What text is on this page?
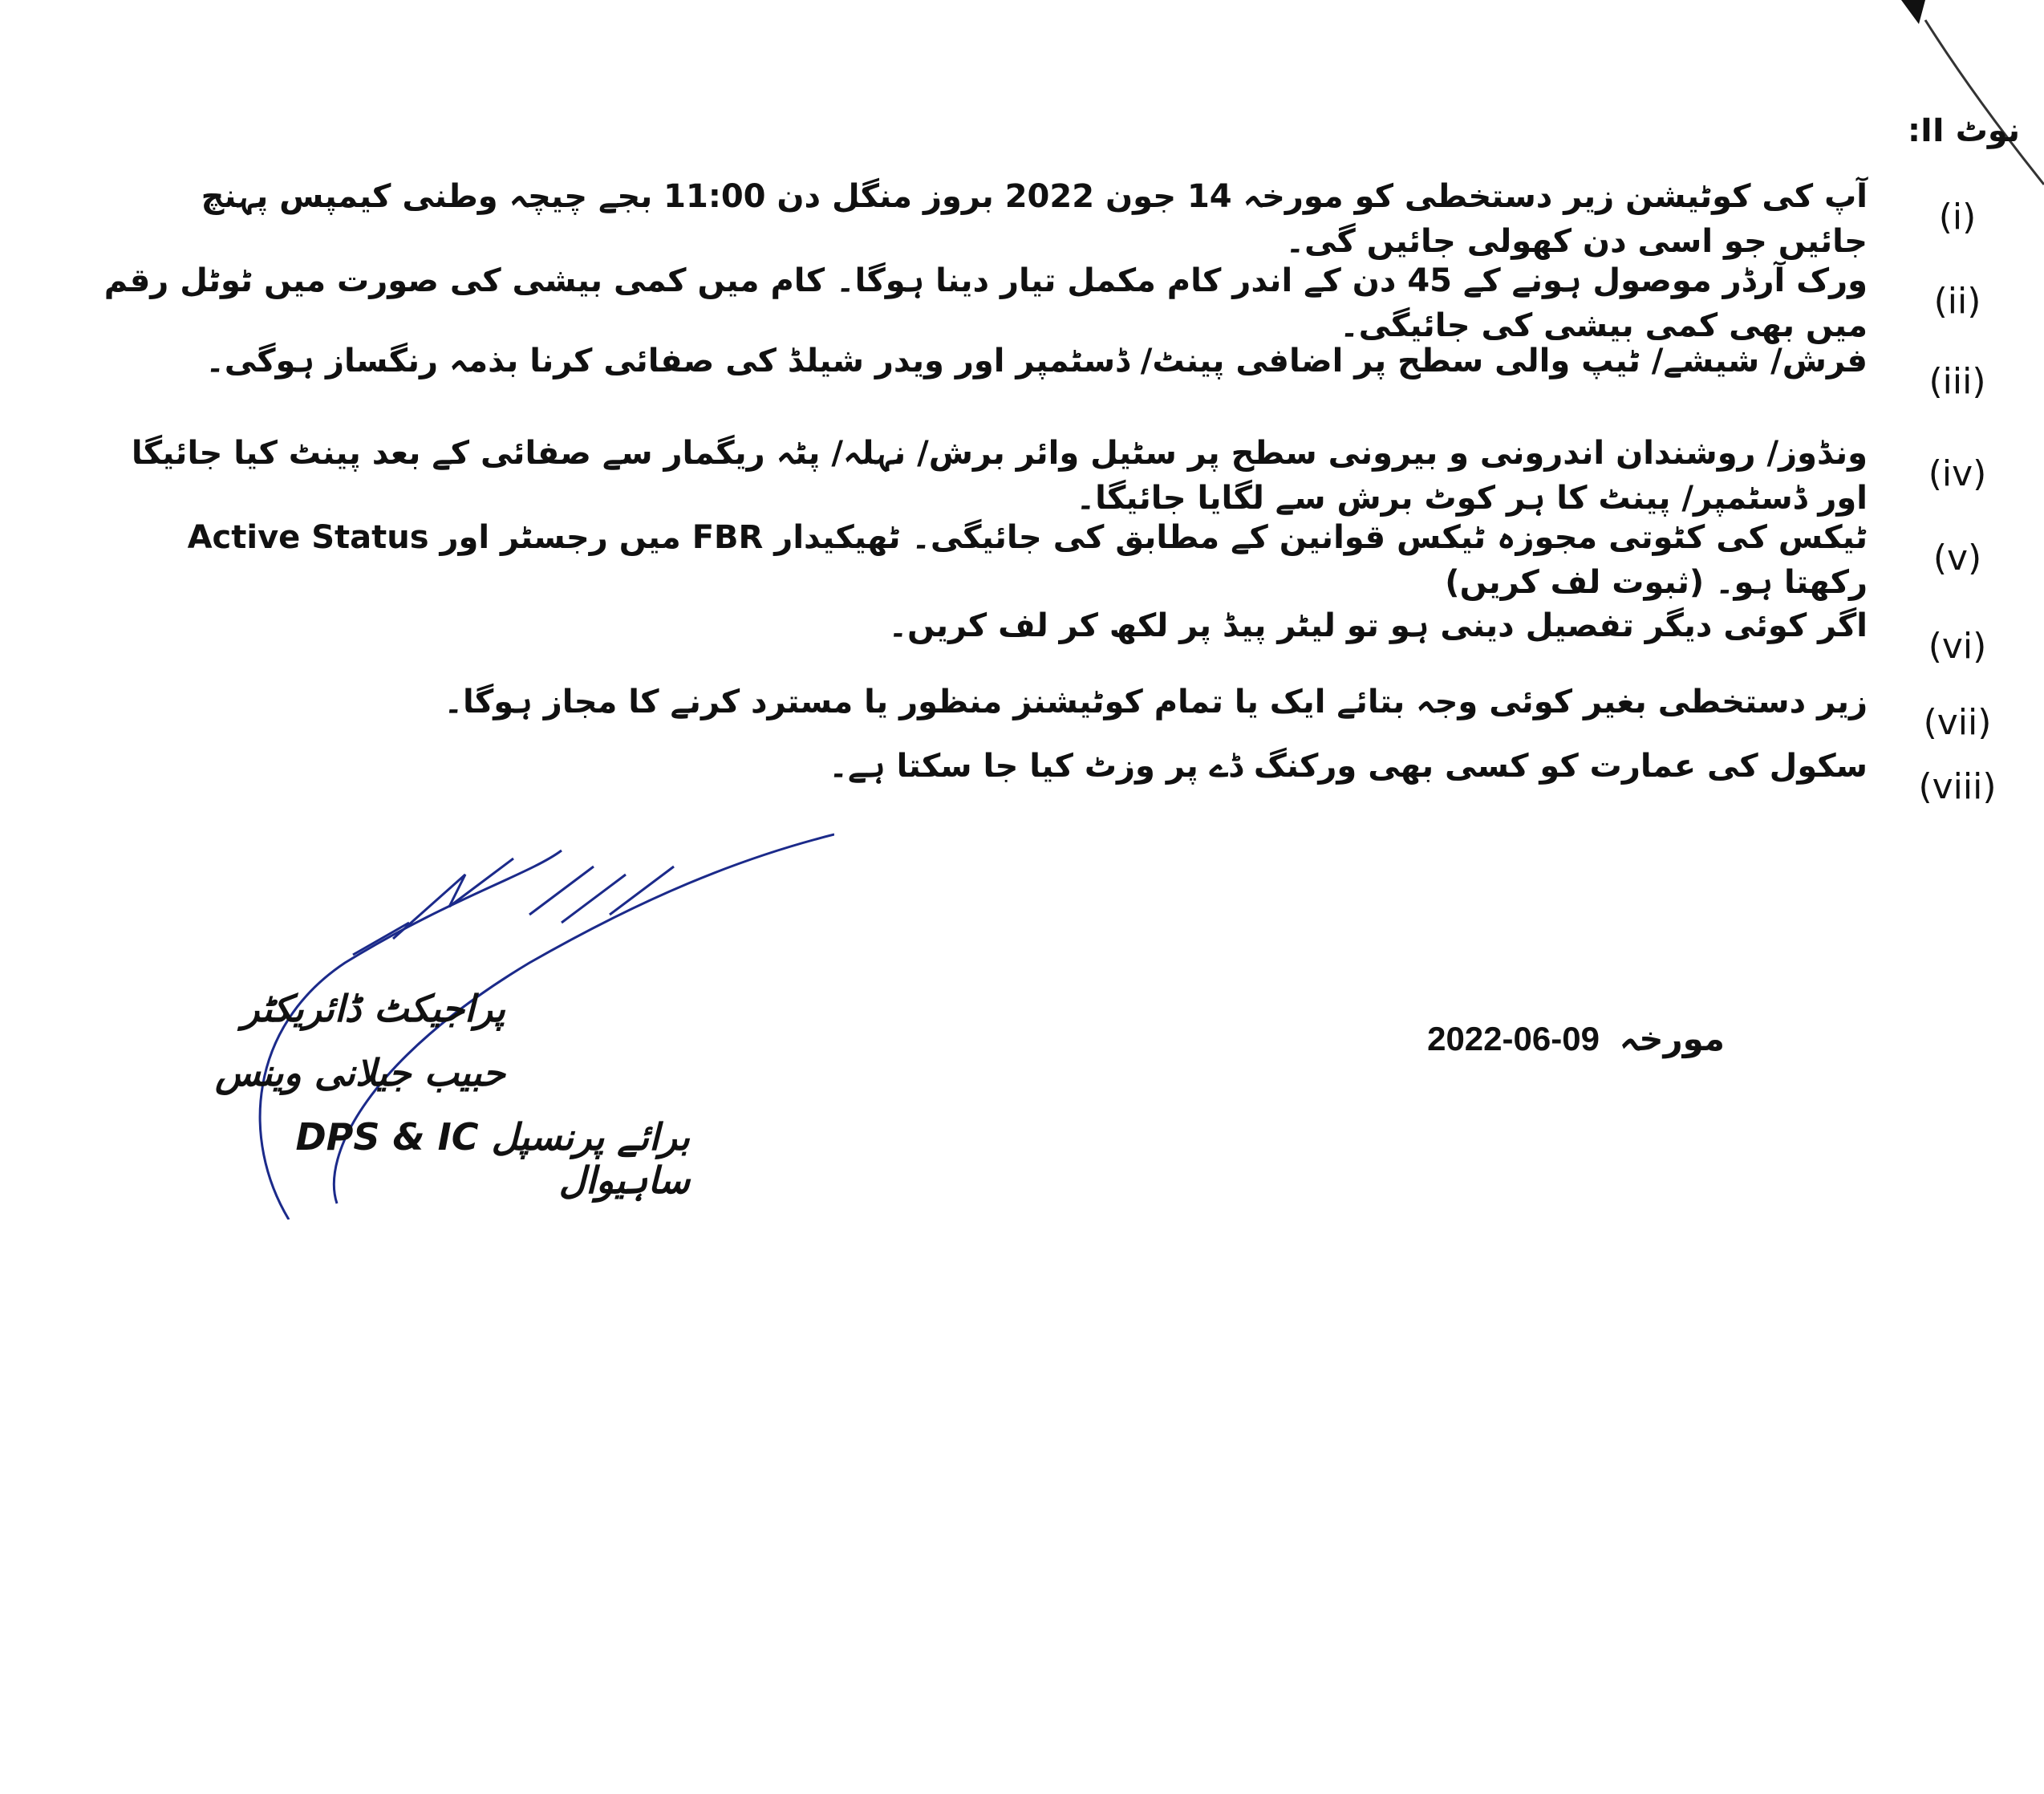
نوٹ II:
(i)
آپ کی کوٹیشن زیر دستخطی کو مورخہ 14 جون 2022 بروز منگل دن 11:00 بجے چیچہ وطنی کیمپس پہنچ جائیں جو اسی دن کھولی جائیں گی۔
(ii)
ورک آرڈر موصول ہونے کے 45 دن کے اندر کام مکمل تیار دینا ہوگا۔ کام میں کمی بیشی کی صورت میں ٹوٹل رقم میں بھی کمی بیشی کی جائیگی۔
(iii)
فرش/ شیشے/ ٹیپ والی سطح پر اضافی پینٹ/ ڈسٹمپر اور ویدر شیلڈ کی صفائی کرنا بذمہ رنگساز ہوگی۔
(iv)
ونڈوز/ روشندان اندرونی و بیرونی سطح پر سٹیل وائر برش/ نہلہ/ پٹہ ریگمار سے صفائی کے بعد پینٹ کیا جائیگا اور ڈسٹمپر/ پینٹ کا ہر کوٹ برش سے لگایا جائیگا۔
(v)
ٹیکس کی کٹوتی مجوزہ ٹیکس قوانین کے مطابق کی جائیگی۔ ٹھیکیدار FBR میں رجسٹر اور Active Status رکھتا ہو۔ (ثبوت لف کریں)
(vi)
اگر کوئی دیگر تفصیل دینی ہو تو لیٹر پیڈ پر لکھ کر لف کریں۔
(vii)
زیر دستخطی بغیر کوئی وجہ بتائے ایک یا تمام کوٹیشنز منظور یا مسترد کرنے کا مجاز ہوگا۔
(viii)
سکول کی عمارت کو کسی بھی ورکنگ ڈے پر وزٹ کیا جا سکتا ہے۔
پراجیکٹ ڈائریکٹر
حبیب جیلانی وینس
برائے پرنسپل DPS & IC ساہیوال
مورخہ 09-06-2022
